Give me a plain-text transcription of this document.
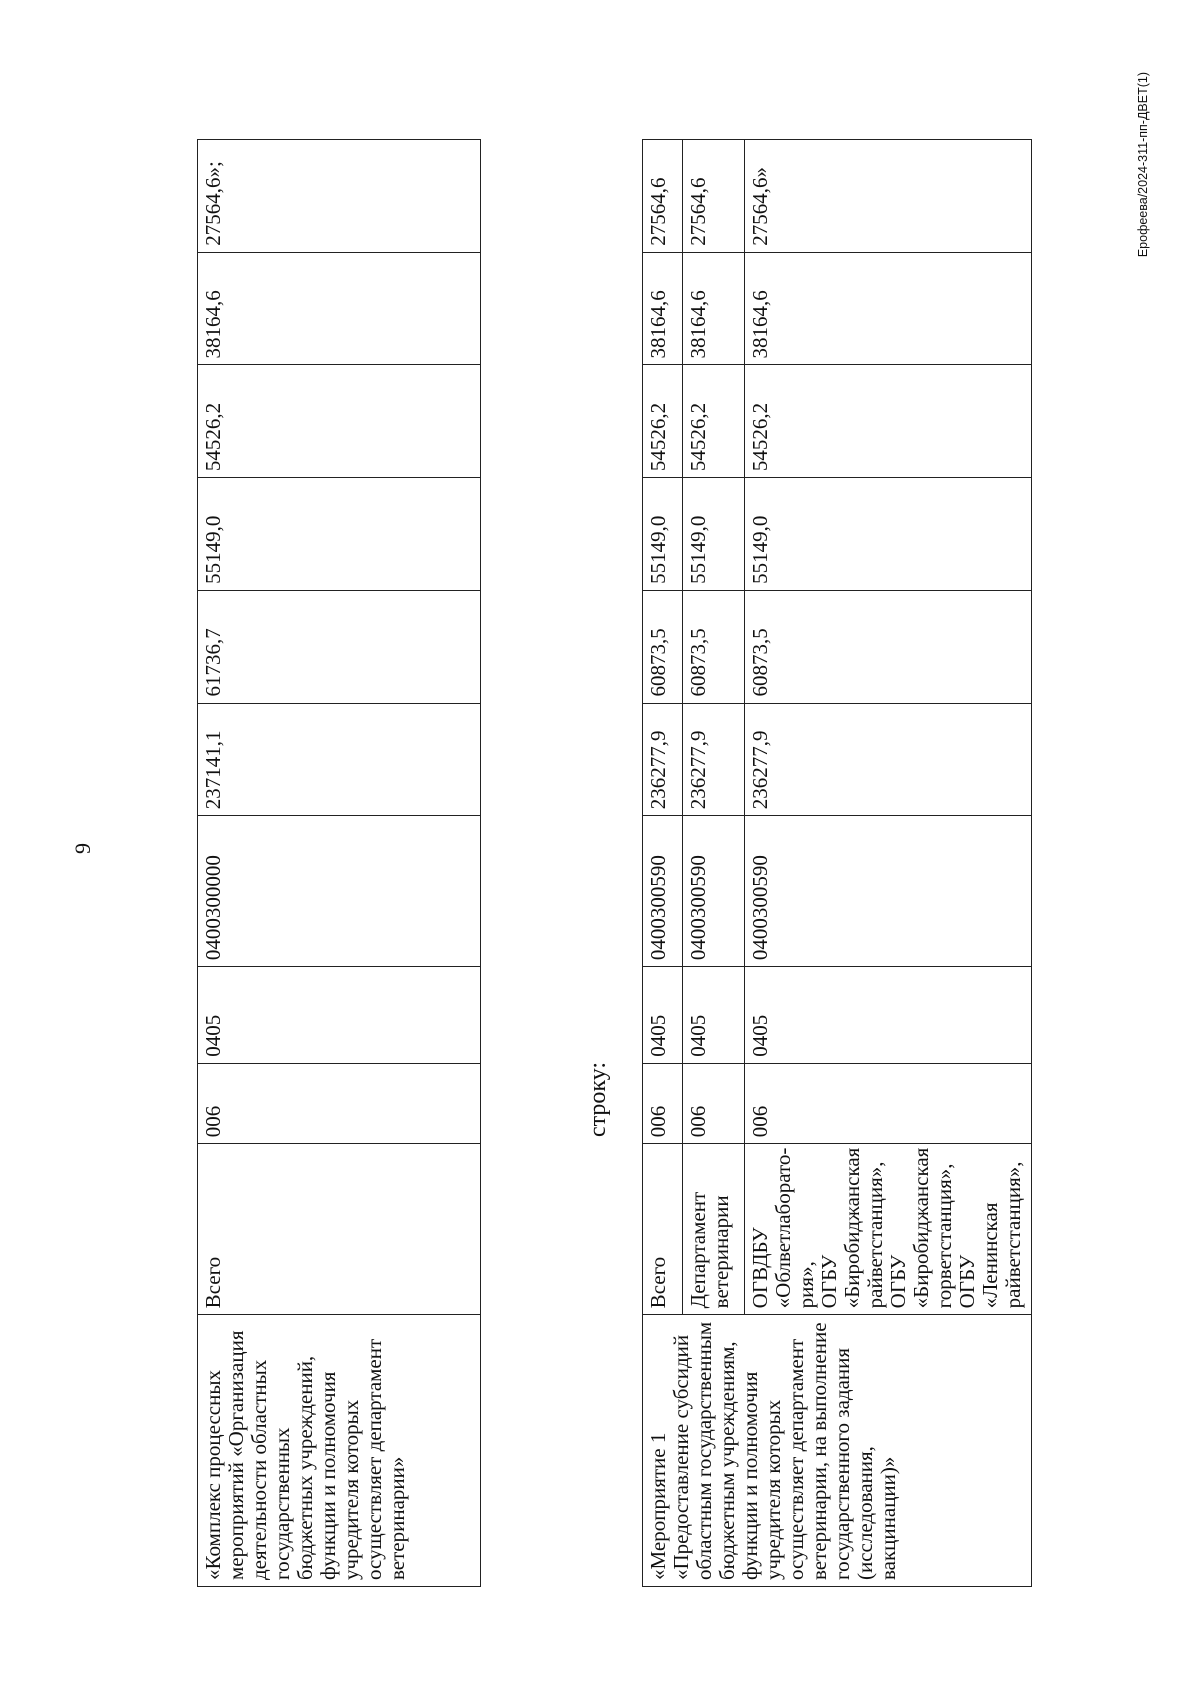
9
«Комплекс процессных мероприятий «Организация деятельности областных государственных бюджетных учреждений, функции и полномочия учредителя которых осуществляет департамент ветеринарии»	Всего	006	0405	0400300000	237141,1	61736,7	55149,0	54526,2	38164,6	27564,6»;
строку:
«Мероприятие 1 «Предоставление субсидий областным государственным бюджетным учреждениям, функции и полномочия учредителя которых осуществляет департамент ветеринарии, на выполнение государственного задания (исследования, вакцинации)»	Всего	006	0405	0400300590	236277,9	60873,5	55149,0	54526,2	38164,6	27564,6
	Департамент ветеринарии	006	0405	0400300590	236277,9	60873,5	55149,0	54526,2	38164,6	27564,6
	ОГВДБУ «Облветлаборато-рия»,
ОГБУ «Биробиджанская райветстанция»,
ОГБУ «Биробиджанская горветстанция»,
ОГБУ «Ленинская райветстанция»,	006	0405	0400300590	236277,9	60873,5	55149,0	54526,2	38164,6	27564,6»	Ерофеева/2024-311-пп-ДВЕТ(1)
